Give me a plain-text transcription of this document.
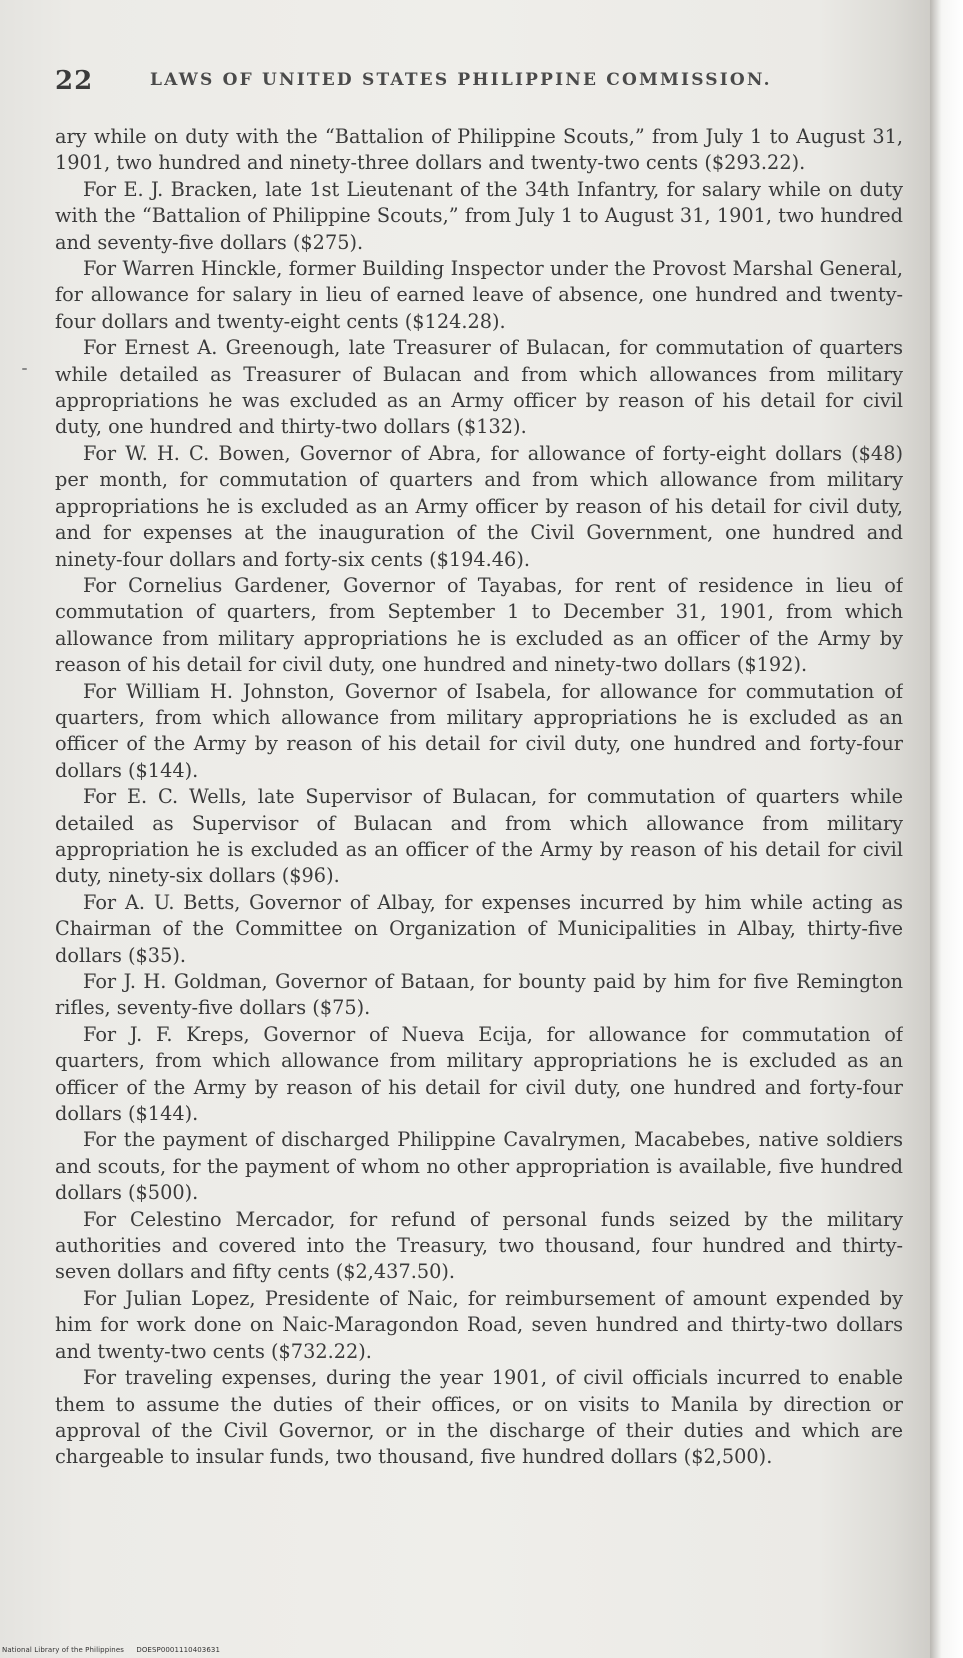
22	LAWS OF UNITED STATES PHILIPPINE COMMISSION.

ary while on duty with the “Battalion of Philippine Scouts,” from July 1 to August 31, 1901, two hundred and ninety-three dollars and twenty-two cents ($293.22).

For E. J. Bracken, late 1st Lieutenant of the 34th Infantry, for salary while on duty with the “Battalion of Philippine Scouts,” from July 1 to August 31, 1901, two hundred and seventy-five dollars ($275).

For Warren Hinckle, former Building Inspector under the Provost Marshal General, for allowance for salary in lieu of earned leave of absence, one hundred and twenty-four dollars and twenty-eight cents ($124.28).

For Ernest A. Greenough, late Treasurer of Bulacan, for commutation of quarters while detailed as Treasurer of Bulacan and from which allowances from military appropriations he was excluded as an Army officer by reason of his detail for civil duty, one hundred and thirty-two dollars ($132).

For W. H. C. Bowen, Governor of Abra, for allowance of forty-eight dollars ($48) per month, for commutation of quarters and from which allowance from military appropriations he is excluded as an Army officer by reason of his detail for civil duty, and for expenses at the inauguration of the Civil Government, one hundred and ninety-four dollars and forty-six cents ($194.46).

For Cornelius Gardener, Governor of Tayabas, for rent of residence in lieu of commutation of quarters, from September 1 to December 31, 1901, from which allowance from military appropriations he is excluded as an officer of the Army by reason of his detail for civil duty, one hundred and ninety-two dollars ($192).

For William H. Johnston, Governor of Isabela, for allowance for commutation of quarters, from which allowance from military appropriations he is excluded as an officer of the Army by reason of his detail for civil duty, one hundred and forty-four dollars ($144).

For E. C. Wells, late Supervisor of Bulacan, for commutation of quarters while detailed as Supervisor of Bulacan and from which allowance from military appropriation he is excluded as an officer of the Army by reason of his detail for civil duty, ninety-six dollars ($96).

For A. U. Betts, Governor of Albay, for expenses incurred by him while acting as Chairman of the Committee on Organization of Municipalities in Albay, thirty-five dollars ($35).

For J. H. Goldman, Governor of Bataan, for bounty paid by him for five Remington rifles, seventy-five dollars ($75).

For J. F. Kreps, Governor of Nueva Ecija, for allowance for commutation of quarters, from which allowance from military appropriations he is excluded as an officer of the Army by reason of his detail for civil duty, one hundred and forty-four dollars ($144).

For the payment of discharged Philippine Cavalrymen, Macabebes, native soldiers and scouts, for the payment of whom no other appropriation is available, five hundred dollars ($500).

For Celestino Mercador, for refund of personal funds seized by the military authorities and covered into the Treasury, two thousand, four hundred and thirty-seven dollars and fifty cents ($2,437.50).

For Julian Lopez, Presidente of Naic, for reimbursement of amount expended by him for work done on Naic-Maragondon Road, seven hundred and thirty-two dollars and twenty-two cents ($732.22).

For traveling expenses, during the year 1901, of civil officials incurred to enable them to assume the duties of their offices, or on visits to Manila by direction or approval of the Civil Governor, or in the discharge of their duties and which are chargeable to insular funds, two thousand, five hundred dollars ($2,500).

National Library of the Philippines DOESP0001110403631
